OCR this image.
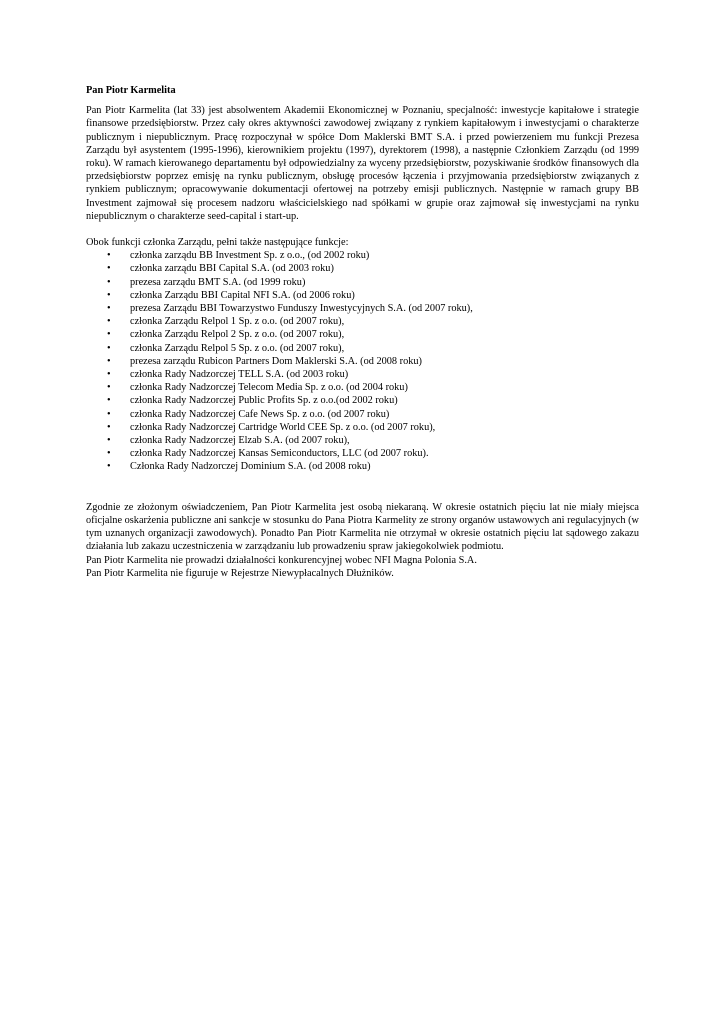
Pan Piotr Karmelita

Pan Piotr Karmelita (lat 33) jest absolwentem Akademii Ekonomicznej w Poznaniu, specjalność: inwestycje kapitałowe i strategie finansowe przedsiębiorstw. Przez cały okres aktywności zawodowej związany z rynkiem kapitałowym i inwestycjami o charakterze publicznym i niepublicznym. Pracę rozpoczynał w spółce Dom Maklerski BMT S.A. i przed powierzeniem mu funkcji Prezesa Zarządu był asystentem (1995-1996), kierownikiem projektu (1997), dyrektorem (1998), a następnie Członkiem Zarządu (od 1999 roku). W ramach kierowanego departamentu był odpowiedzialny za wyceny przedsiębiorstw, pozyskiwanie środków finansowych dla przedsiębiorstw poprzez emisję na rynku publicznym, obsługę procesów łączenia i przyjmowania przedsiębiorstw związanych z rynkiem publicznym; opracowywanie dokumentacji ofertowej na potrzeby emisji publicznych. Następnie w ramach grupy BB Investment zajmował się procesem nadzoru właścicielskiego nad spółkami w grupie oraz zajmował się inwestycjami na rynku niepublicznym o charakterze seed-capital i start-up.

Obok funkcji członka Zarządu, pełni także następujące funkcje:

• członka zarządu BB Investment Sp. z o.o., (od 2002 roku)
• członka zarządu BBI Capital S.A. (od 2003 roku)
• prezesa zarządu BMT S.A. (od 1999 roku)
• członka Zarządu BBI Capital NFI S.A. (od 2006 roku)
• prezesa Zarządu BBI Towarzystwo Funduszy Inwestycyjnych S.A. (od 2007 roku),
• członka Zarządu Relpol 1 Sp. z o.o. (od 2007 roku),
• członka Zarządu Relpol 2 Sp. z o.o. (od 2007 roku),
• członka Zarządu Relpol 5 Sp. z o.o. (od 2007 roku),
• prezesa zarządu Rubicon Partners Dom Maklerski S.A. (od 2008 roku)
• członka Rady Nadzorczej TELL S.A. (od 2003 roku)
• członka Rady Nadzorczej Telecom Media Sp. z o.o. (od 2004 roku)
• członka Rady Nadzorczej Public Profits Sp. z o.o.(od 2002 roku)
• członka Rady Nadzorczej Cafe News Sp. z o.o. (od 2007 roku)
• członka Rady Nadzorczej Cartridge World CEE Sp. z o.o. (od 2007 roku),
• członka Rady Nadzorczej Elzab S.A. (od 2007 roku),
• członka Rady Nadzorczej Kansas Semiconductors, LLC (od 2007 roku).
• Członka Rady Nadzorczej Dominium S.A. (od 2008 roku)

Zgodnie ze złożonym oświadczeniem, Pan Piotr Karmelita jest osobą niekaraną. W okresie ostatnich pięciu lat nie miały miejsca oficjalne oskarżenia publiczne ani sankcje w stosunku do Pana Piotra Karmelity ze strony organów ustawowych ani regulacyjnych (w tym uznanych organizacji zawodowych). Ponadto Pan Piotr Karmelita nie otrzymał w okresie ostatnich pięciu lat sądowego zakazu działania lub zakazu uczestniczenia w zarządzaniu lub prowadzeniu spraw jakiegokolwiek podmiotu.

Pan Piotr Karmelita nie prowadzi działalności konkurencyjnej wobec NFI Magna Polonia S.A.

Pan Piotr Karmelita nie figuruje w Rejestrze Niewypłacalnych Dłużników.
